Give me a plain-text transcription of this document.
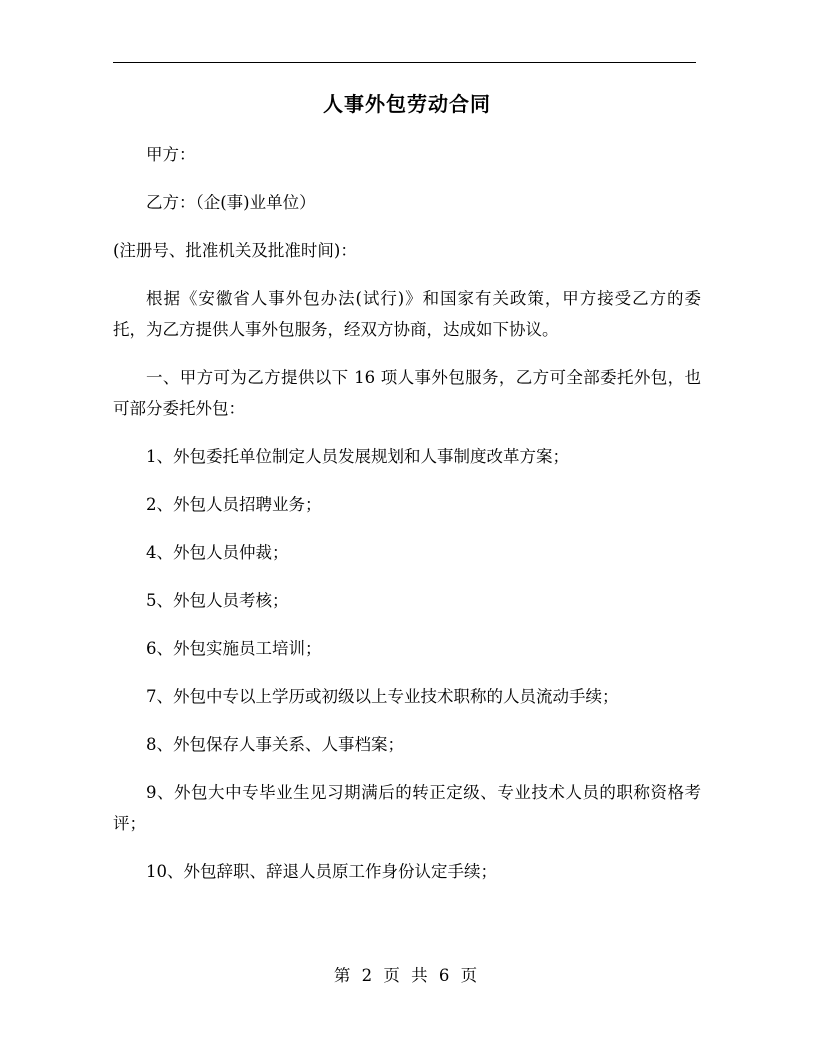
人事外包劳动合同

甲方：

乙方：（企(事)业单位）

(注册号、批准机关及批准时间)：

根据《安徽省人事外包办法(试行)》和国家有关政策，甲方接受乙方的委托，为乙方提供人事外包服务，经双方协商，达成如下协议。

一、甲方可为乙方提供以下 16 项人事外包服务，乙方可全部委托外包，也可部分委托外包：

1、外包委托单位制定人员发展规划和人事制度改革方案；

2、外包人员招聘业务；

4、外包人员仲裁；

5、外包人员考核；

6、外包实施员工培训；

7、外包中专以上学历或初级以上专业技术职称的人员流动手续；

8、外包保存人事关系、人事档案；

9、外包大中专毕业生见习期满后的转正定级、专业技术人员的职称资格考评；

10、外包辞职、辞退人员原工作身份认定手续；

第 2 页 共 6 页
